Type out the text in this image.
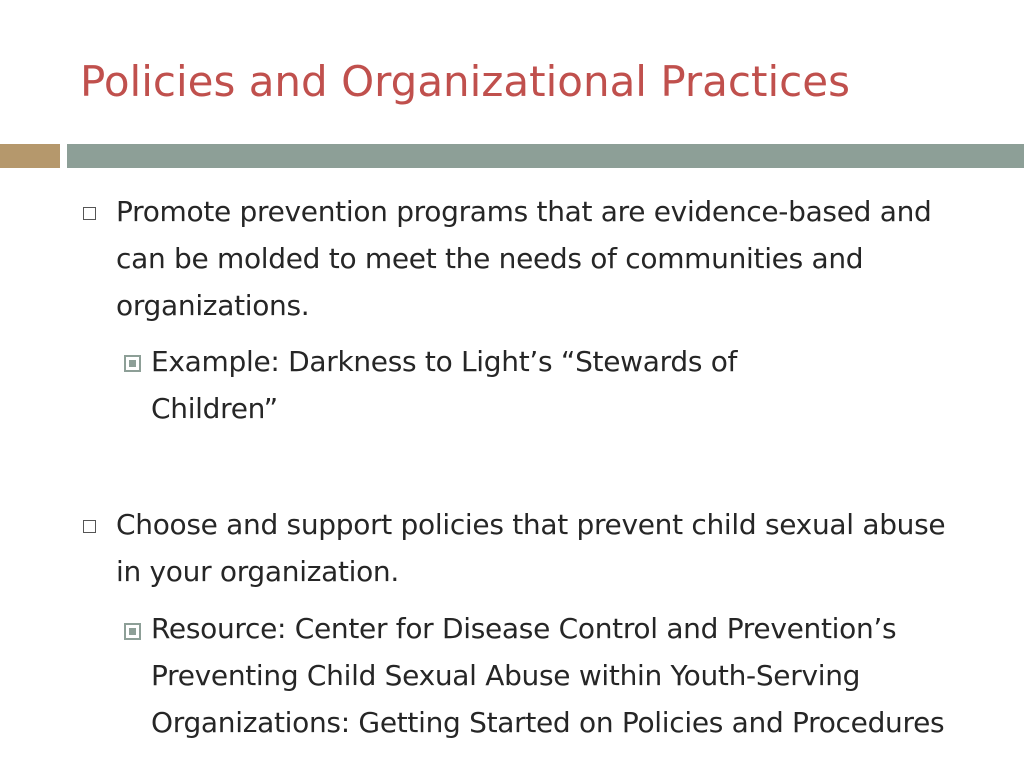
Policies and Organizational Practices
Promote prevention programs that are evidence-based and can be molded to meet the needs of communities and organizations.
Example: Darkness to Light’s “Stewards of Children”
Choose and support policies that prevent child sexual abuse in your organization.
Resource: Center for Disease Control and Prevention’s Preventing Child Sexual Abuse within Youth-Serving Organizations: Getting Started on Policies and Procedures
